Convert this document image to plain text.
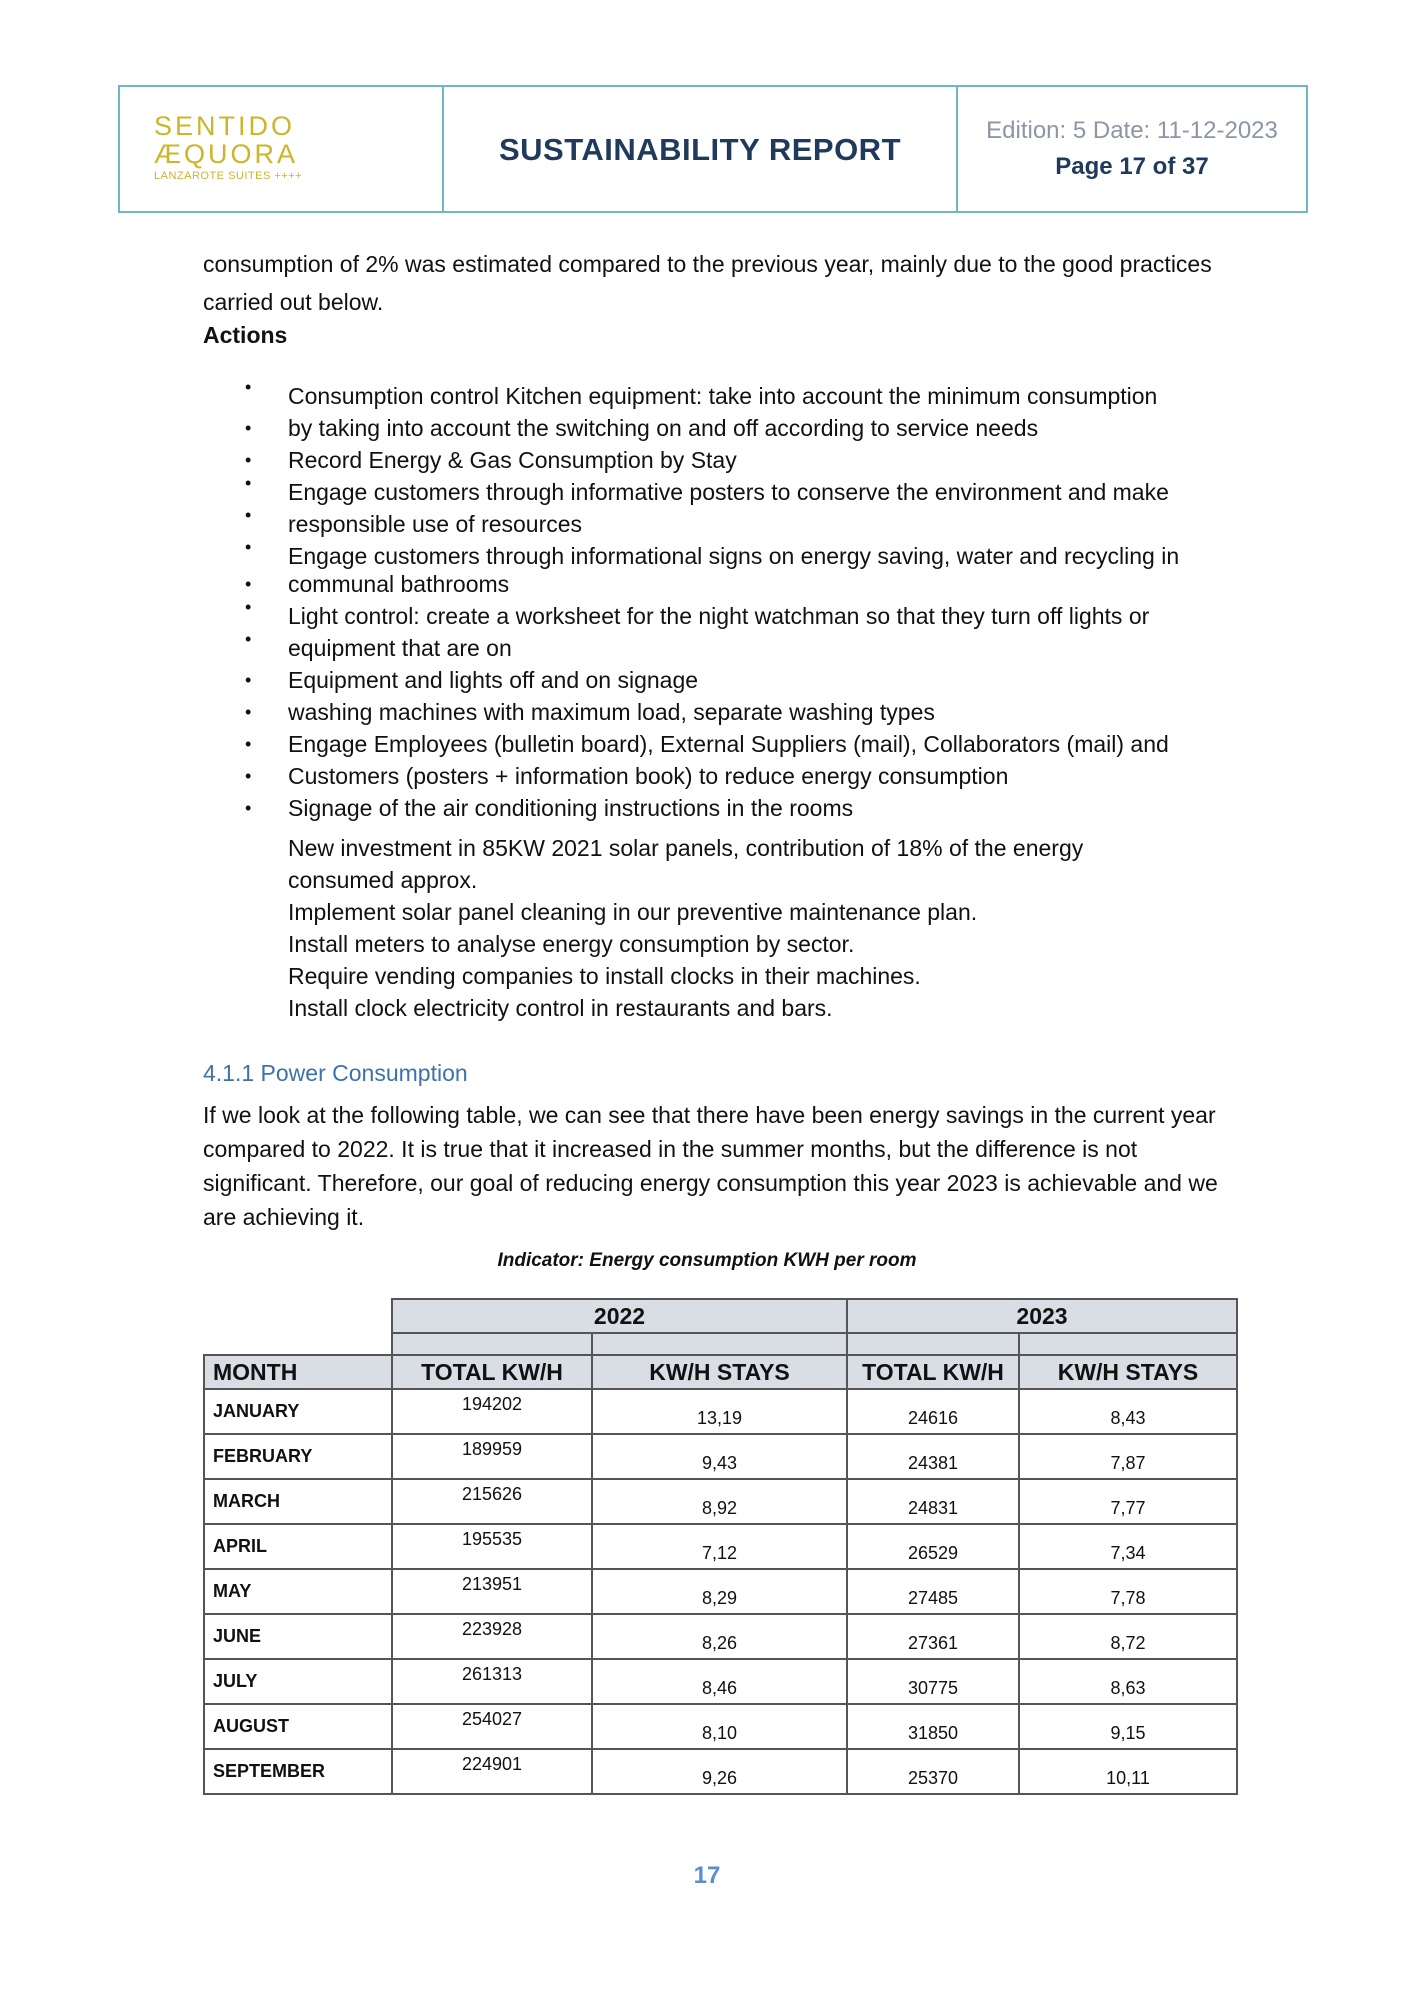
SENTIDO ÆQUORA
LANZAROTE SUITES ++++
SUSTAINABILITY REPORT
Edition: 5 Date: 11-12-2023
Page 17 of 37
consumption of 2% was estimated compared to the previous year, mainly due to the good practices carried out below.
Actions
• Consumption control Kitchen equipment: take into account the minimum consumption
• by taking into account the switching on and off according to service needs
• Record Energy & Gas Consumption by Stay
• Engage customers through informative posters to conserve the environment and make
• responsible use of resources
• Engage customers through informational signs on energy saving, water and recycling in
• communal bathrooms
• Light control: create a worksheet for the night watchman so that they turn off lights or
• equipment that are on
• Equipment and lights off and on signage
• washing machines with maximum load, separate washing types
• Engage Employees (bulletin board), External Suppliers (mail), Collaborators (mail) and
• Customers (posters + information book) to reduce energy consumption
• Signage of the air conditioning instructions in the rooms
New investment in 85KW 2021 solar panels, contribution of 18% of the energy
consumed approx.
Implement solar panel cleaning in our preventive maintenance plan.
Install meters to analyse energy consumption by sector.
Require vending companies to install clocks in their machines.
Install clock electricity control in restaurants and bars.
4.1.1 Power Consumption
If we look at the following table, we can see that there have been energy savings in the current year compared to 2022. It is true that it increased in the summer months, but the difference is not significant. Therefore, our goal of reducing energy consumption this year 2023 is achievable and we are achieving it.
Indicator: Energy consumption KWH per room
	2022		2023	

MONTH	TOTAL KW/H	KW/H STAYS	TOTAL KW/H	KW/H STAYS
JANUARY	194202	13,19	24616	8,43
FEBRUARY	189959	9,43	24381	7,87
MARCH	215626	8,92	24831	7,77
APRIL	195535	7,12	26529	7,34
MAY	213951	8,29	27485	7,78
JUNE	223928	8,26	27361	8,72
JULY	261313	8,46	30775	8,63
AUGUST	254027	8,10	31850	9,15
SEPTEMBER	224901	9,26	25370	10,11
17
